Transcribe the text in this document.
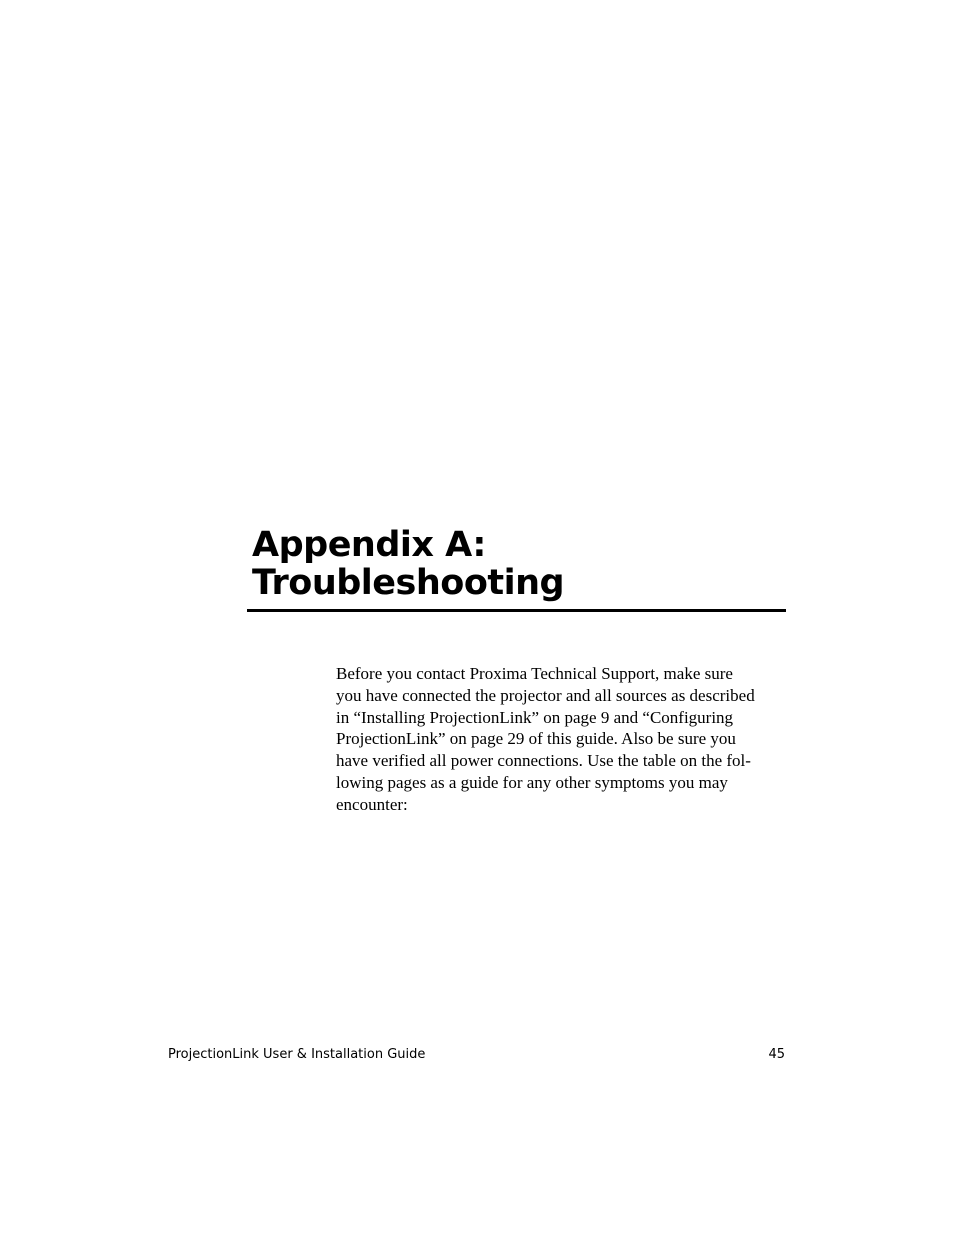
Appendix A:
Troubleshooting

Before you contact Proxima Technical Support, make sure
you have connected the projector and all sources as described
in “Installing ProjectionLink” on page 9 and “Configuring
ProjectionLink” on page 29 of this guide. Also be sure you
have verified all power connections. Use the table on the fol-
lowing pages as a guide for any other symptoms you may
encounter:

ProjectionLink User & Installation Guide	45
